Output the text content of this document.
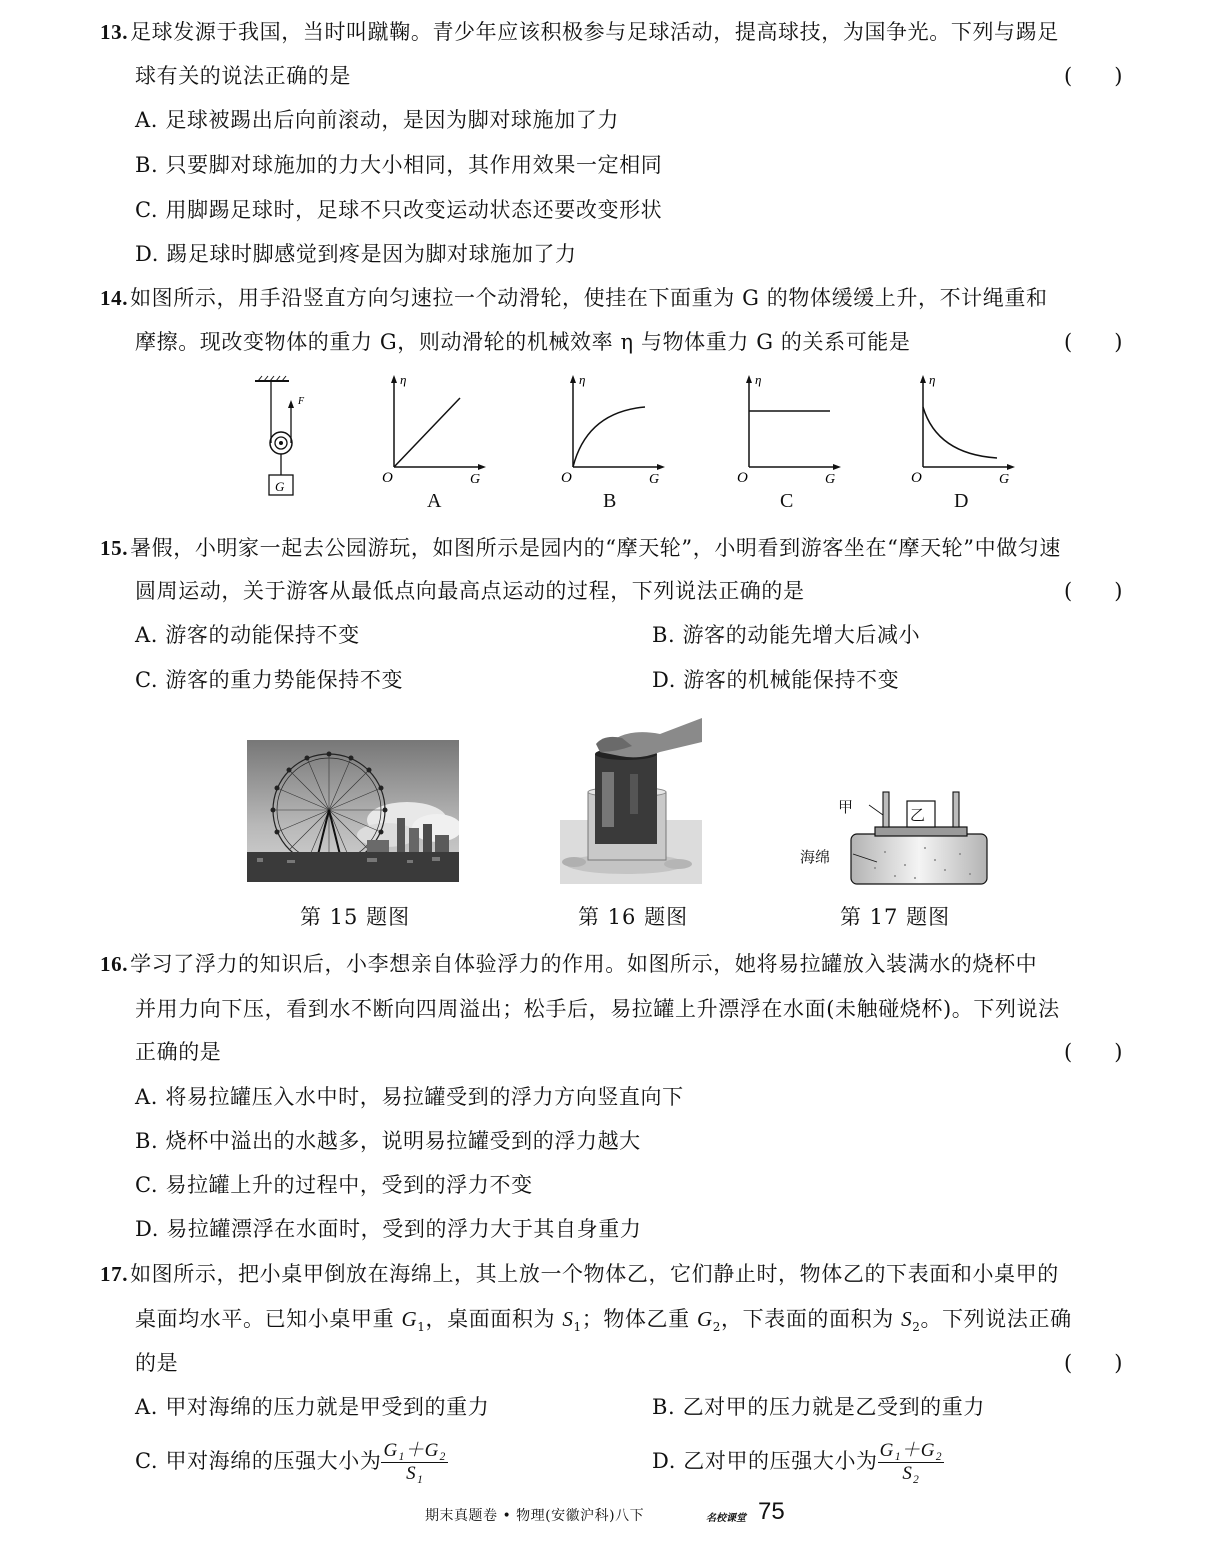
13.足球发源于我国，当时叫蹴鞠。青少年应该积极参与足球活动，提高球技，为国争光。下列与踢足
球有关的说法正确的是	(　　)
A. 足球被踢出后向前滚动，是因为脚对球施加了力
B. 只要脚对球施加的力大小相同，其作用效果一定相同
C. 用脚踢足球时，足球不只改变运动状态还要改变形状
D. 踢足球时脚感觉到疼是因为脚对球施加了力
14.如图所示，用手沿竖直方向匀速拉一个动滑轮，使挂在下面重为 G 的物体缓缓上升，不计绳重和
摩擦。现改变物体的重力 G，则动滑轮的机械效率 η 与物体重力 G 的关系可能是	(　　)
F
G
η
O	G
A
η
O	G
B
η
O	G
C
η
O	G
D
15.暑假，小明家一起去公园游玩，如图所示是园内的“摩天轮”，小明看到游客坐在“摩天轮”中做匀速
圆周运动，关于游客从最低点向最高点运动的过程，下列说法正确的是	(　　)
A. 游客的动能保持不变	B. 游客的动能先增大后减小
C. 游客的重力势能保持不变	D. 游客的机械能保持不变
甲	乙
海绵
第 15 题图	第 16 题图	第 17 题图
16.学习了浮力的知识后，小李想亲自体验浮力的作用。如图所示，她将易拉罐放入装满水的烧杯中
并用力向下压，看到水不断向四周溢出；松手后，易拉罐上升漂浮在水面(未触碰烧杯)。下列说法
正确的是	(　　)
A. 将易拉罐压入水中时，易拉罐受到的浮力方向竖直向下
B. 烧杯中溢出的水越多，说明易拉罐受到的浮力越大
C. 易拉罐上升的过程中，受到的浮力不变
D. 易拉罐漂浮在水面时，受到的浮力大于其自身重力
17.如图所示，把小桌甲倒放在海绵上，其上放一个物体乙，它们静止时，物体乙的下表面和小桌甲的
桌面均水平。已知小桌甲重 $G_1$，桌面面积为 $S_1$；物体乙重 $G_2$，下表面的面积为 $S_2$。下列说法正确
的是	(　　)
A. 甲对海绵的压力就是甲受到的重力	B. 乙对甲的压力就是乙受到的重力
C. 甲对海绵的压强大小为 $\frac{\text{G₁＋G₂}}{\text{S₁}}$	D. 乙对甲的压强大小为 $\frac{\text{G₁＋G₂}}{\text{S₂}}$
期末真题卷 • 物理(安徽沪科)八下	名校课堂 75
